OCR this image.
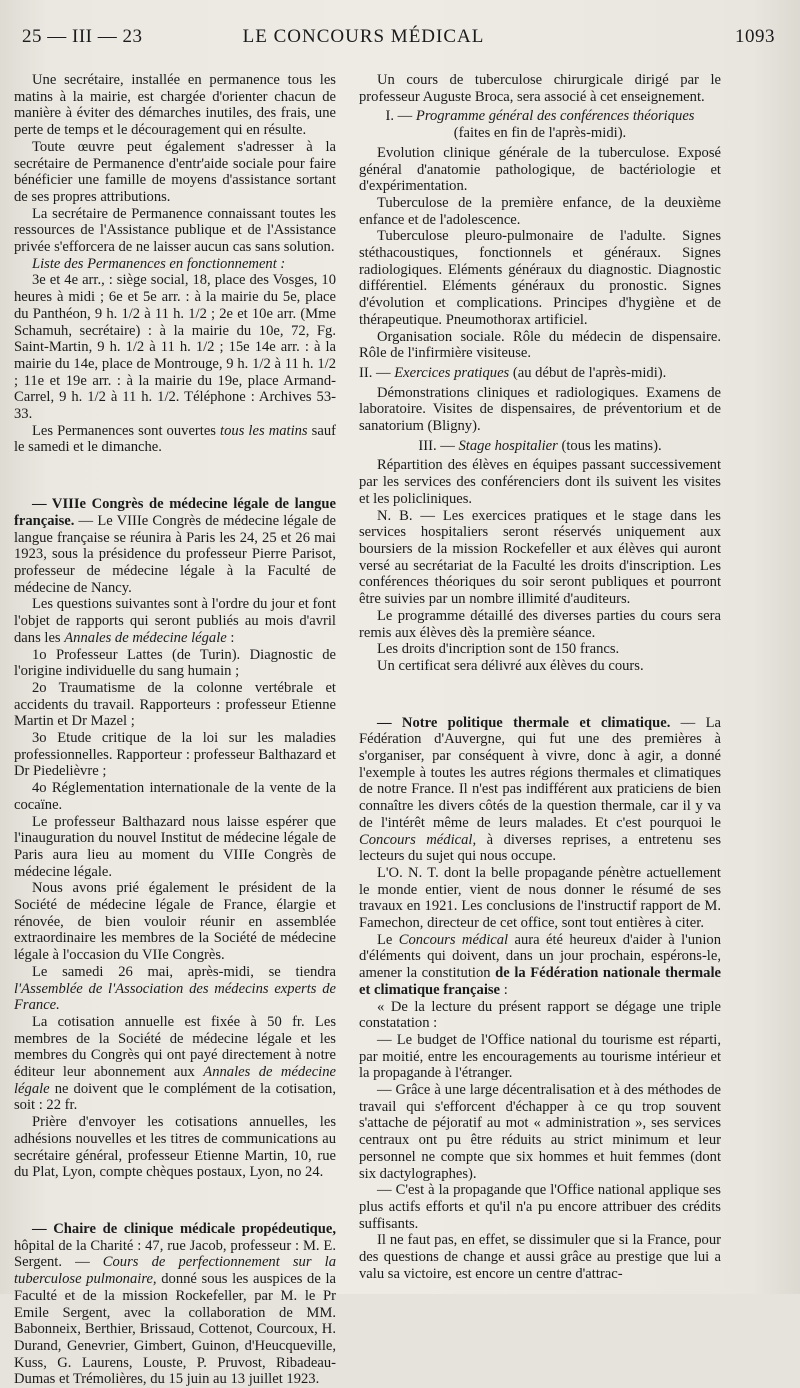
25 — III — 23	LE CONCOURS MÉDICAL	1093

Une secrétaire, installée en permanence tous les matins à la mairie, est chargée d'orienter chacun de manière à éviter des démarches inutiles, des frais, une perte de temps et le découragement qui en résulte.

Toute œuvre peut également s'adresser à la secrétaire de Permanence d'entr'aide sociale pour faire bénéficier une famille de moyens d'assistance sortant de ses propres attributions.

La secrétaire de Permanence connaissant toutes les ressources de l'Assistance publique et de l'Assistance privée s'efforcera de ne laisser aucun cas sans solution.

Liste des Permanences en fonctionnement :

3e et 4e arr., : siège social, 18, place des Vosges, 10 heures à midi ; 6e et 5e arr. : à la mairie du 5e, place du Panthéon, 9 h. 1/2 à 11 h. 1/2 ; 2e et 10e arr. (Mme Schamuh, secrétaire) : à la mairie du 10e, 72, Fg. Saint-Martin, 9 h. 1/2 à 11 h. 1/2 ; 15e 14e arr. : à la mairie du 14e, place de Montrouge, 9 h. 1/2 à 11 h. 1/2 ; 11e et 19e arr. : à la mairie du 19e, place Armand-Carrel, 9 h. 1/2 à 11 h. 1/2. Téléphone : Archives 53-33.

Les Permanences sont ouvertes tous les matins sauf le samedi et le dimanche.

— VIIIe Congrès de médecine légale de langue française. — Le VIIIe Congrès de médecine légale de langue française se réunira à Paris les 24, 25 et 26 mai 1923, sous la présidence du professeur Pierre Parisot, professeur de médecine légale à la Faculté de médecine de Nancy.

Les questions suivantes sont à l'ordre du jour et font l'objet de rapports qui seront publiés au mois d'avril dans les Annales de médecine légale :

1o Professeur Lattes (de Turin). Diagnostic de l'origine individuelle du sang humain ;

2o Traumatisme de la colonne vertébrale et accidents du travail. Rapporteurs : professeur Etienne Martin et Dr Mazel ;

3o Etude critique de la loi sur les maladies professionnelles. Rapporteur : professeur Balthazard et Dr Piedelièvre ;

4o Réglementation internationale de la vente de la cocaïne.

Le professeur Balthazard nous laisse espérer que l'inauguration du nouvel Institut de médecine légale de Paris aura lieu au moment du VIIIe Congrès de médecine légale.

Nous avons prié également le président de la Société de médecine légale de France, élargie et rénovée, de bien vouloir réunir en assemblée extraordinaire les membres de la Société de médecine légale à l'occasion du VIIe Congrès.

Le samedi 26 mai, après-midi, se tiendra l'Assemblée de l'Association des médecins experts de France.

La cotisation annuelle est fixée à 50 fr. Les membres de la Société de médecine légale et les membres du Congrès qui ont payé directement à notre éditeur leur abonnement aux Annales de médecine légale ne doivent que le complément de la cotisation, soit : 22 fr.

Prière d'envoyer les cotisations annuelles, les adhésions nouvelles et les titres de communications au secrétaire général, professeur Etienne Martin, 10, rue du Plat, Lyon, compte chèques postaux, Lyon, no 24.

— Chaire de clinique médicale propédeutique, hôpital de la Charité : 47, rue Jacob, professeur : M. E. Sergent. — Cours de perfectionnement sur la tuberculose pulmonaire, donné sous les auspices de la Faculté et de la mission Rockefeller, par M. le Pr Emile Sergent, avec la collaboration de MM. Babonneix, Berthier, Brissaud, Cottenot, Courcoux, H. Durand, Genevrier, Gimbert, Guinon, d'Heucqueville, Kuss, G. Laurens, Louste, P. Pruvost, Ribadeau-Dumas et Trémolières, du 15 juin au 13 juillet 1923.

Un cours de tuberculose chirurgicale dirigé par le professeur Auguste Broca, sera associé à cet enseignement.

I. — Programme général des conférences théoriques
(faites en fin de l'après-midi).

Evolution clinique générale de la tuberculose. Exposé général d'anatomie pathologique, de bactériologie et d'expérimentation.

Tuberculose de la première enfance, de la deuxième enfance et de l'adolescence.

Tuberculose pleuro-pulmonaire de l'adulte. Signes stéthacoustiques, fonctionnels et généraux. Signes radiologiques. Eléments généraux du diagnostic. Diagnostic différentiel. Eléments généraux du pronostic. Signes d'évolution et complications. Principes d'hygiène et de thérapeutique. Pneumothorax artificiel.

Organisation sociale. Rôle du médecin de dispensaire. Rôle de l'infirmière visiteuse.

II. — Exercices pratiques (au début de l'après-midi).

Démonstrations cliniques et radiologiques. Examens de laboratoire. Visites de dispensaires, de préventorium et de sanatorium (Bligny).

III. — Stage hospitalier (tous les matins).

Répartition des élèves en équipes passant successivement par les services des conférenciers dont ils suivent les visites et les policliniques.

N. B. — Les exercices pratiques et le stage dans les services hospitaliers seront réservés uniquement aux boursiers de la mission Rockefeller et aux élèves qui auront versé au secrétariat de la Faculté les droits d'inscription. Les conférences théoriques du soir seront publiques et pourront être suivies par un nombre illimité d'auditeurs.

Le programme détaillé des diverses parties du cours sera remis aux élèves dès la première séance.

Les droits d'incription sont de 150 francs.

Un certificat sera délivré aux élèves du cours.

— Notre politique thermale et climatique. — La Fédération d'Auvergne, qui fut une des premières à s'organiser, par conséquent à vivre, donc à agir, a donné l'exemple à toutes les autres régions thermales et climatiques de notre France. Il n'est pas indifférent aux praticiens de bien connaître les divers côtés de la question thermale, car il y va de l'intérêt même de leurs malades. Et c'est pourquoi le Concours médical, à diverses reprises, a entretenu ses lecteurs du sujet qui nous occupe.

L'O. N. T. dont la belle propagande pénètre actuellement le monde entier, vient de nous donner le résumé de ses travaux en 1921. Les conclusions de l'instructif rapport de M. Famechon, directeur de cet office, sont tout entières à citer.

Le Concours médical aura été heureux d'aider à l'union d'éléments qui doivent, dans un jour prochain, espérons-le, amener la constitution de la Fédération nationale thermale et climatique française :

« De la lecture du présent rapport se dégage une triple constatation :

— Le budget de l'Office national du tourisme est réparti, par moitié, entre les encouragements au tourisme intérieur et la propagande à l'étranger.

— Grâce à une large décentralisation et à des méthodes de travail qui s'efforcent d'échapper à ce qu trop souvent s'attache de péjoratif au mot « administration », ses services centraux ont pu être réduits au strict minimum et leur personnel ne compte que six hommes et huit femmes (dont six dactylographes).

— C'est à la propagande que l'Office national applique ses plus actifs efforts et qu'il n'a pu encore attribuer des crédits suffisants.

Il ne faut pas, en effet, se dissimuler que si la France, pour des questions de change et aussi grâce au prestige que lui a valu sa victoire, est encore un centre d'attrac-
